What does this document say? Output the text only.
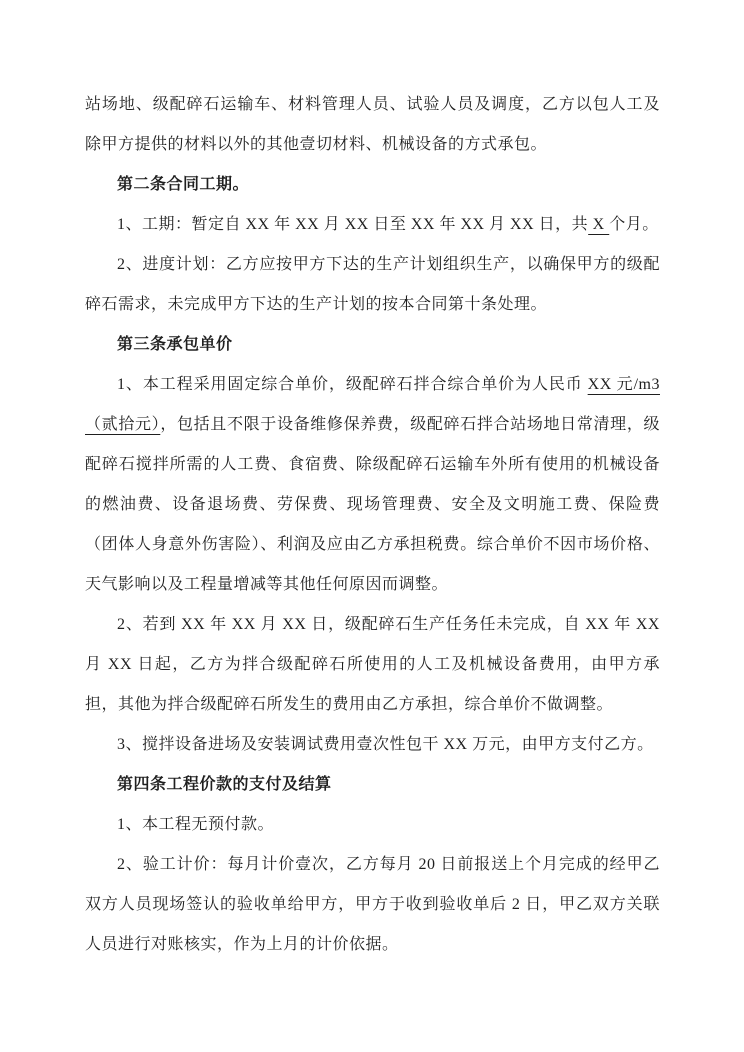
站场地、级配碎石运输车、材料管理人员、试验人员及调度，乙方以包人工及除甲方提供的材料以外的其他壹切材料、机械设备的方式承包。

第二条合同工期。

1、工期：暂定自 XX 年 XX 月 XX 日至 XX 年 XX 月 XX 日，共 X 个月。

2、进度计划：乙方应按甲方下达的生产计划组织生产，以确保甲方的级配碎石需求，未完成甲方下达的生产计划的按本合同第十条处理。

第三条承包单价

1、本工程采用固定综合单价，级配碎石拌合综合单价为人民币 XX 元/m3（贰拾元），包括且不限于设备维修保养费，级配碎石拌合站场地日常清理，级配碎石搅拌所需的人工费、食宿费、除级配碎石运输车外所有使用的机械设备的燃油费、设备退场费、劳保费、现场管理费、安全及文明施工费、保险费（团体人身意外伤害险）、利润及应由乙方承担税费。综合单价不因市场价格、天气影响以及工程量增减等其他任何原因而调整。

2、若到 XX 年 XX 月 XX 日，级配碎石生产任务任未完成，自 XX 年 XX 月 XX 日起，乙方为拌合级配碎石所使用的人工及机械设备费用，由甲方承担，其他为拌合级配碎石所发生的费用由乙方承担，综合单价不做调整。

3、搅拌设备进场及安装调试费用壹次性包干 XX 万元，由甲方支付乙方。

第四条工程价款的支付及结算

1、本工程无预付款。

2、验工计价：每月计价壹次，乙方每月 20 日前报送上个月完成的经甲乙双方人员现场签认的验收单给甲方，甲方于收到验收单后 2 日，甲乙双方关联人员进行对账核实，作为上月的计价依据。
